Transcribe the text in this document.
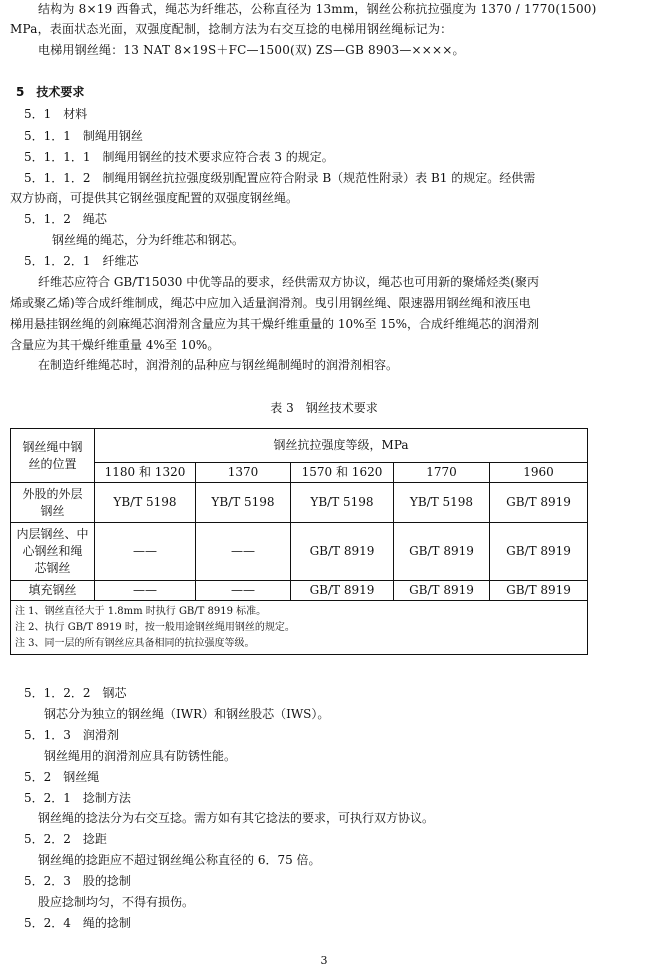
结构为 8×19 西鲁式，绳芯为纤维芯，公称直径为 13mm，钢丝公称抗拉强度为 1370 / 1770(1500)
MPa，表面状态光面，双强度配制，捻制方法为右交互捻的电梯用钢丝绳标记为：
电梯用钢丝绳：13 NAT 8×19S＋FC—1500(双) ZS—GB 8903—××××。
5　技术要求
5．1　材料
5．1．1　制绳用钢丝
5．1．1．1　制绳用钢丝的技术要求应符合表 3 的规定。
5．1．1．2　制绳用钢丝抗拉强度级别配置应符合附录 B（规范性附录）表 B1 的规定。经供需
双方协商，可提供其它钢丝强度配置的双强度钢丝绳。
5．1．2　绳芯
钢丝绳的绳芯，分为纤维芯和钢芯。
5．1．2．1　纤维芯
纤维芯应符合 GB/T15030 中优等品的要求，经供需双方协议，绳芯也可用新的聚烯烃类(聚丙
烯或聚乙烯)等合成纤维制成，绳芯中应加入适量润滑剂。曳引用钢丝绳、限速器用钢丝绳和液压电
梯用悬挂钢丝绳的剑麻绳芯润滑剂含量应为其干燥纤维重量的 10%至 15%，合成纤维绳芯的润滑剂
含量应为其干燥纤维重量 4%至 10%。
在制造纤维绳芯时，润滑剂的品种应与钢丝绳制绳时的润滑剂相容。
表 3　钢丝技术要求
钢丝绳中钢
丝的位置	钢丝抗拉强度等级，MPa				
	1180 和 1320	1370	1570 和 1620	1770	1960

外股的外层
钢丝	YB/T 5198	YB/T 5198	YB/T 5198	YB/T 5198	GB/T 8919

内层钢丝、中
心钢丝和绳
芯钢丝	——	——	GB/T 8919	GB/T 8919	GB/T 8919
填充钢丝	——	——	GB/T 8919	GB/T 8919	GB/T 8919

注 1、钢丝直径大于 1.8mm 时执行 GB/T 8919 标准。
注 2、执行 GB/T 8919 时，按一般用途钢丝绳用钢丝的规定。
注 3、同一层的所有钢丝应具备相同的抗拉强度等级。					
5．1．2．2　钢芯
钢芯分为独立的钢丝绳（IWR）和钢丝股芯（IWS）。
5．1．3　润滑剂
钢丝绳用的润滑剂应具有防锈性能。
5．2　钢丝绳
5．2．1　捻制方法
钢丝绳的捻法分为右交互捻。需方如有其它捻法的要求，可执行双方协议。
5．2．2　捻距
钢丝绳的捻距应不超过钢丝绳公称直径的 6．75 倍。
5．2．3　股的捻制
股应捻制均匀，不得有损伤。
5．2．4　绳的捻制
3
